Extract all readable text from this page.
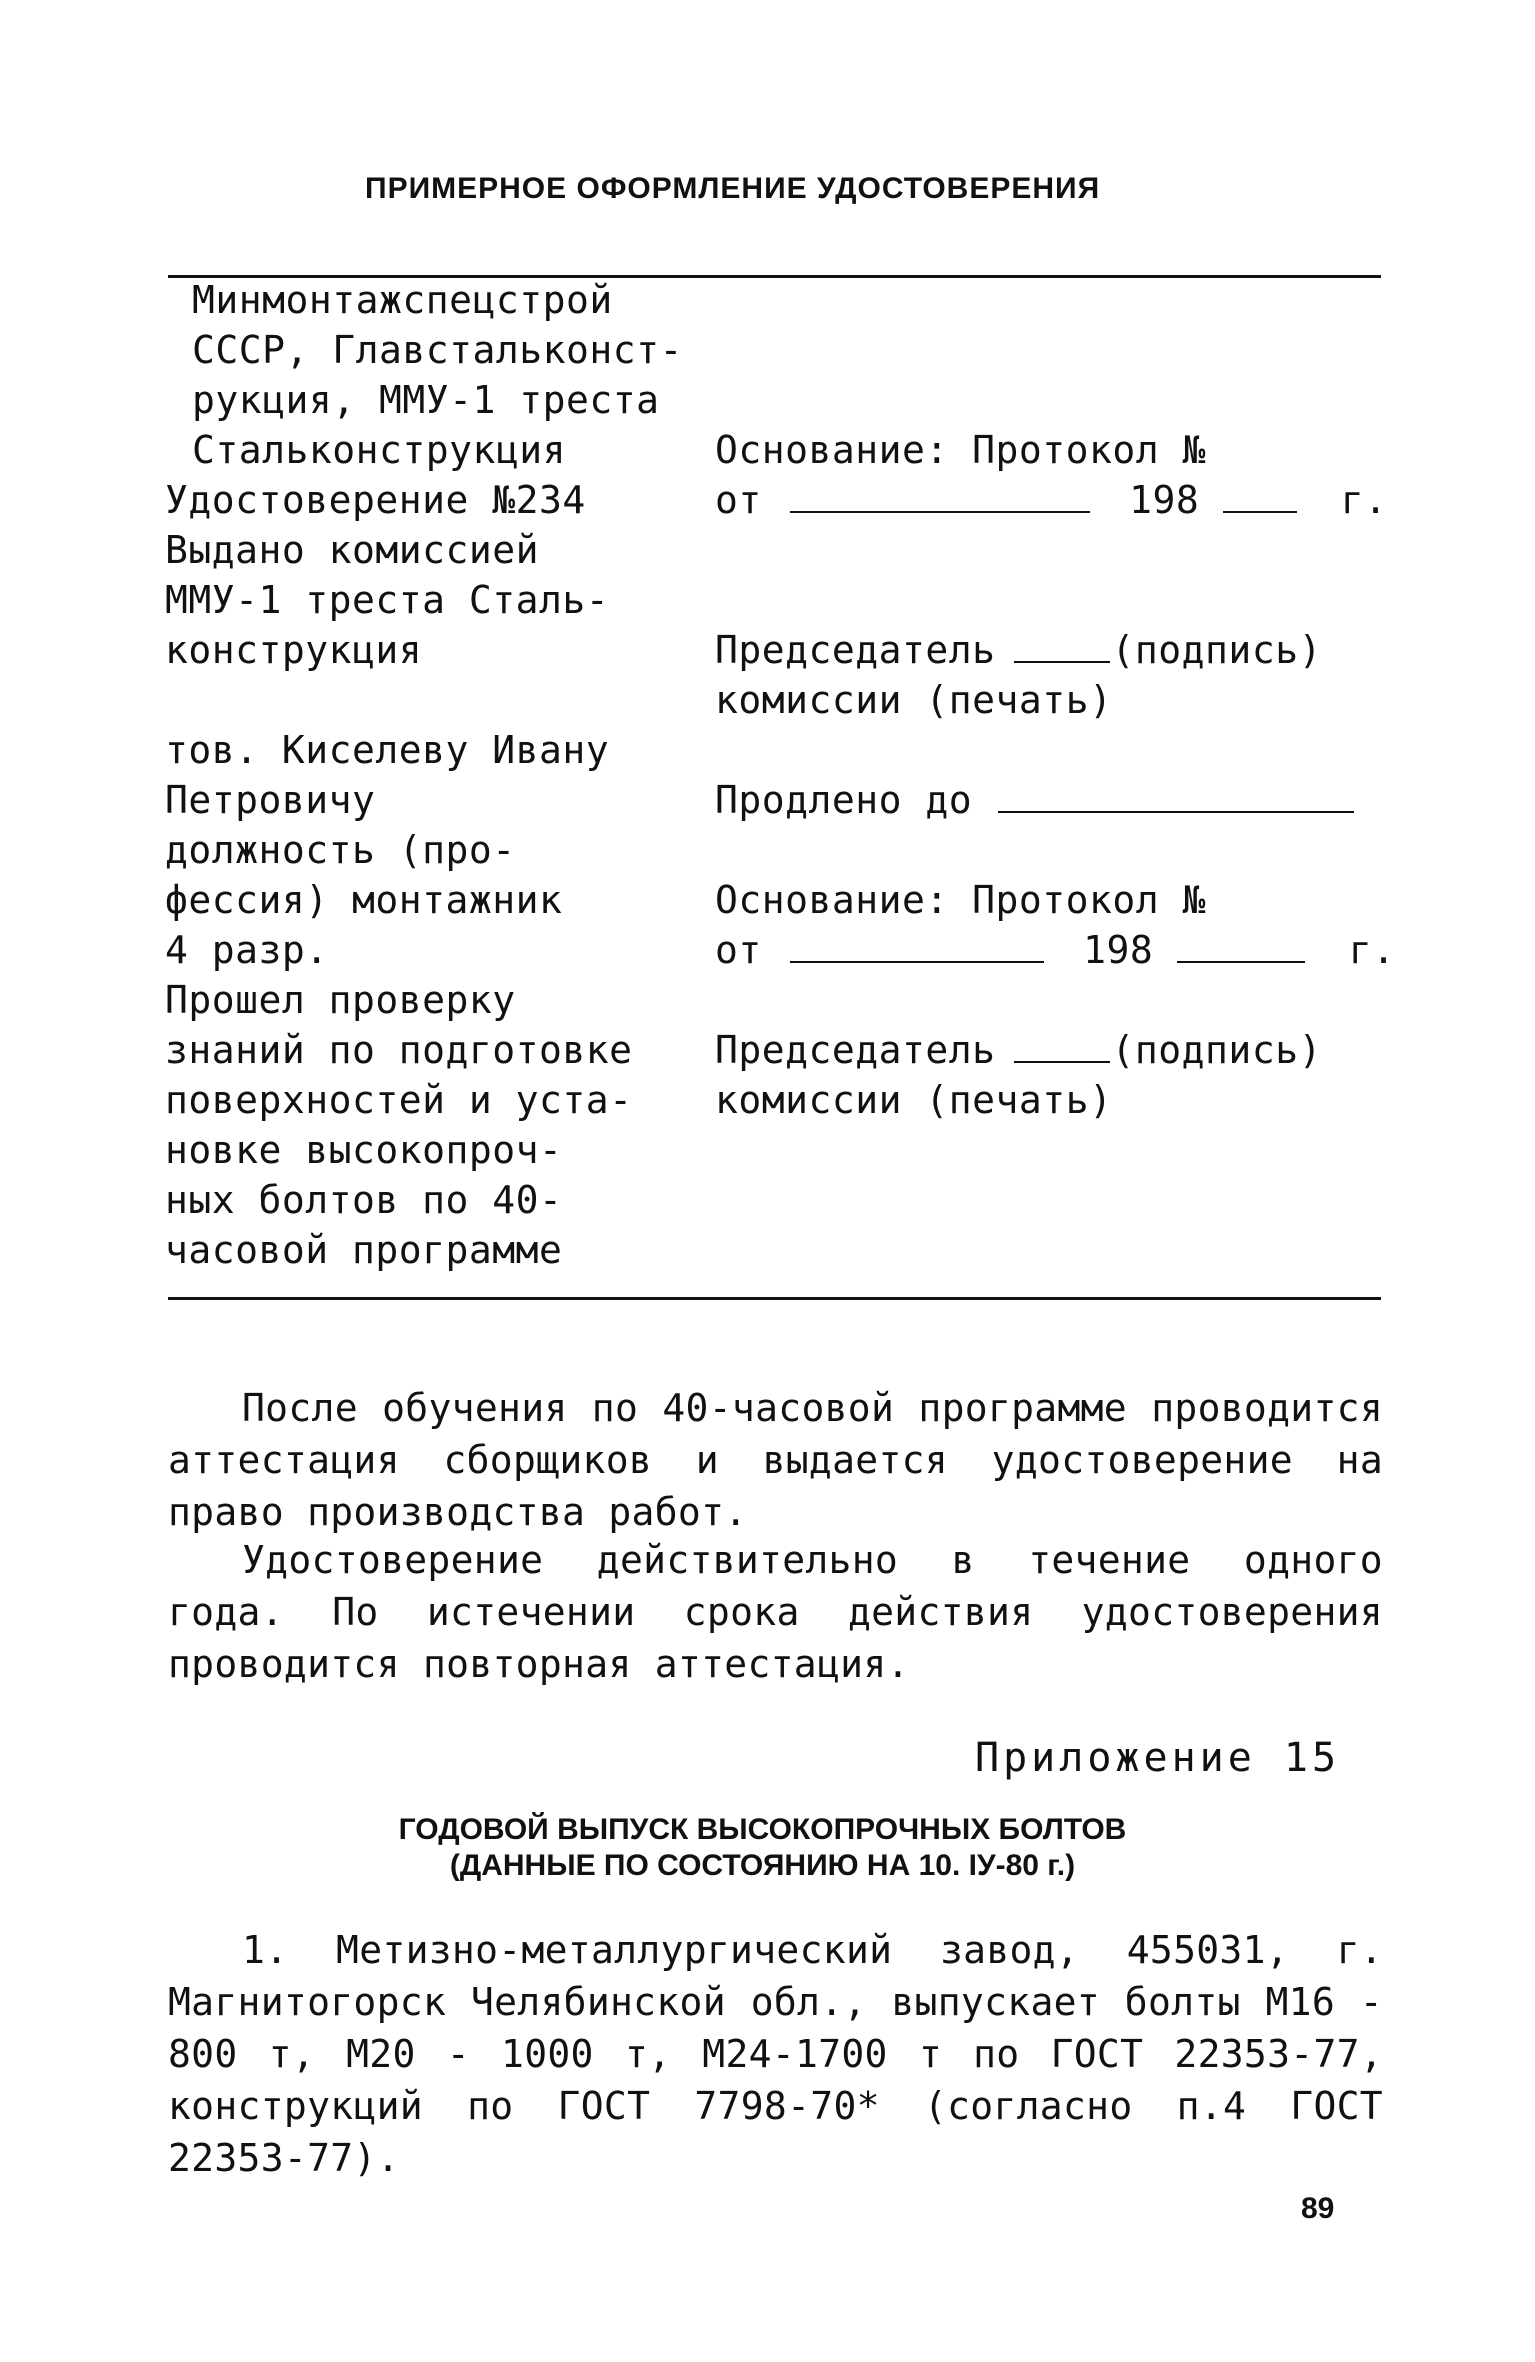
ПРИМЕРНОЕ ОФОРМЛЕНИЕ УДОСТОВЕРЕНИЯ
Минмонтажспецстрой
СССР, Главстальконст-
рукция, ММУ-1 треста
Стальконструкция
Удостоверение №234
Выдано комиссией
ММУ-1 треста Сталь-
конструкция
тов. Киселеву Ивану
Петровичу
должность (про-
фессия) монтажник
4 разр.
Прошел проверку
знаний по подготовке
поверхностей и уста-
новке высокопроч-
ных болтов по 40-
часовой программе
Основание: Протокол №
от	198	г.
Председатель	(подпись)
комиссии (печать)
Продлено до
Основание: Протокол №
от	198	г.
Председатель	(подпись)
комиссии (печать)
После обучения по 40-часовой программе проводится аттестация сборщиков и выдается удостоверение на право производства работ.
Удостоверение действительно в течение одного года. По истечении срока действия удостоверения проводится повторная аттестация.
Приложение 15
ГОДОВОЙ ВЫПУСК ВЫСОКОПРОЧНЫХ БОЛТОВ
(ДАННЫЕ ПО СОСТОЯНИЮ НА 10. IУ-80 г.)
1. Метизно-металлургический завод, 455031, г. Магнитогорск Челябинской обл., выпускает болты М16 - 800 т, М20 - 1000 т, М24-1700 т по ГОСТ 22353-77, конструкций по ГОСТ 7798-70* (согласно п.4 ГОСТ 22353-77).
89
